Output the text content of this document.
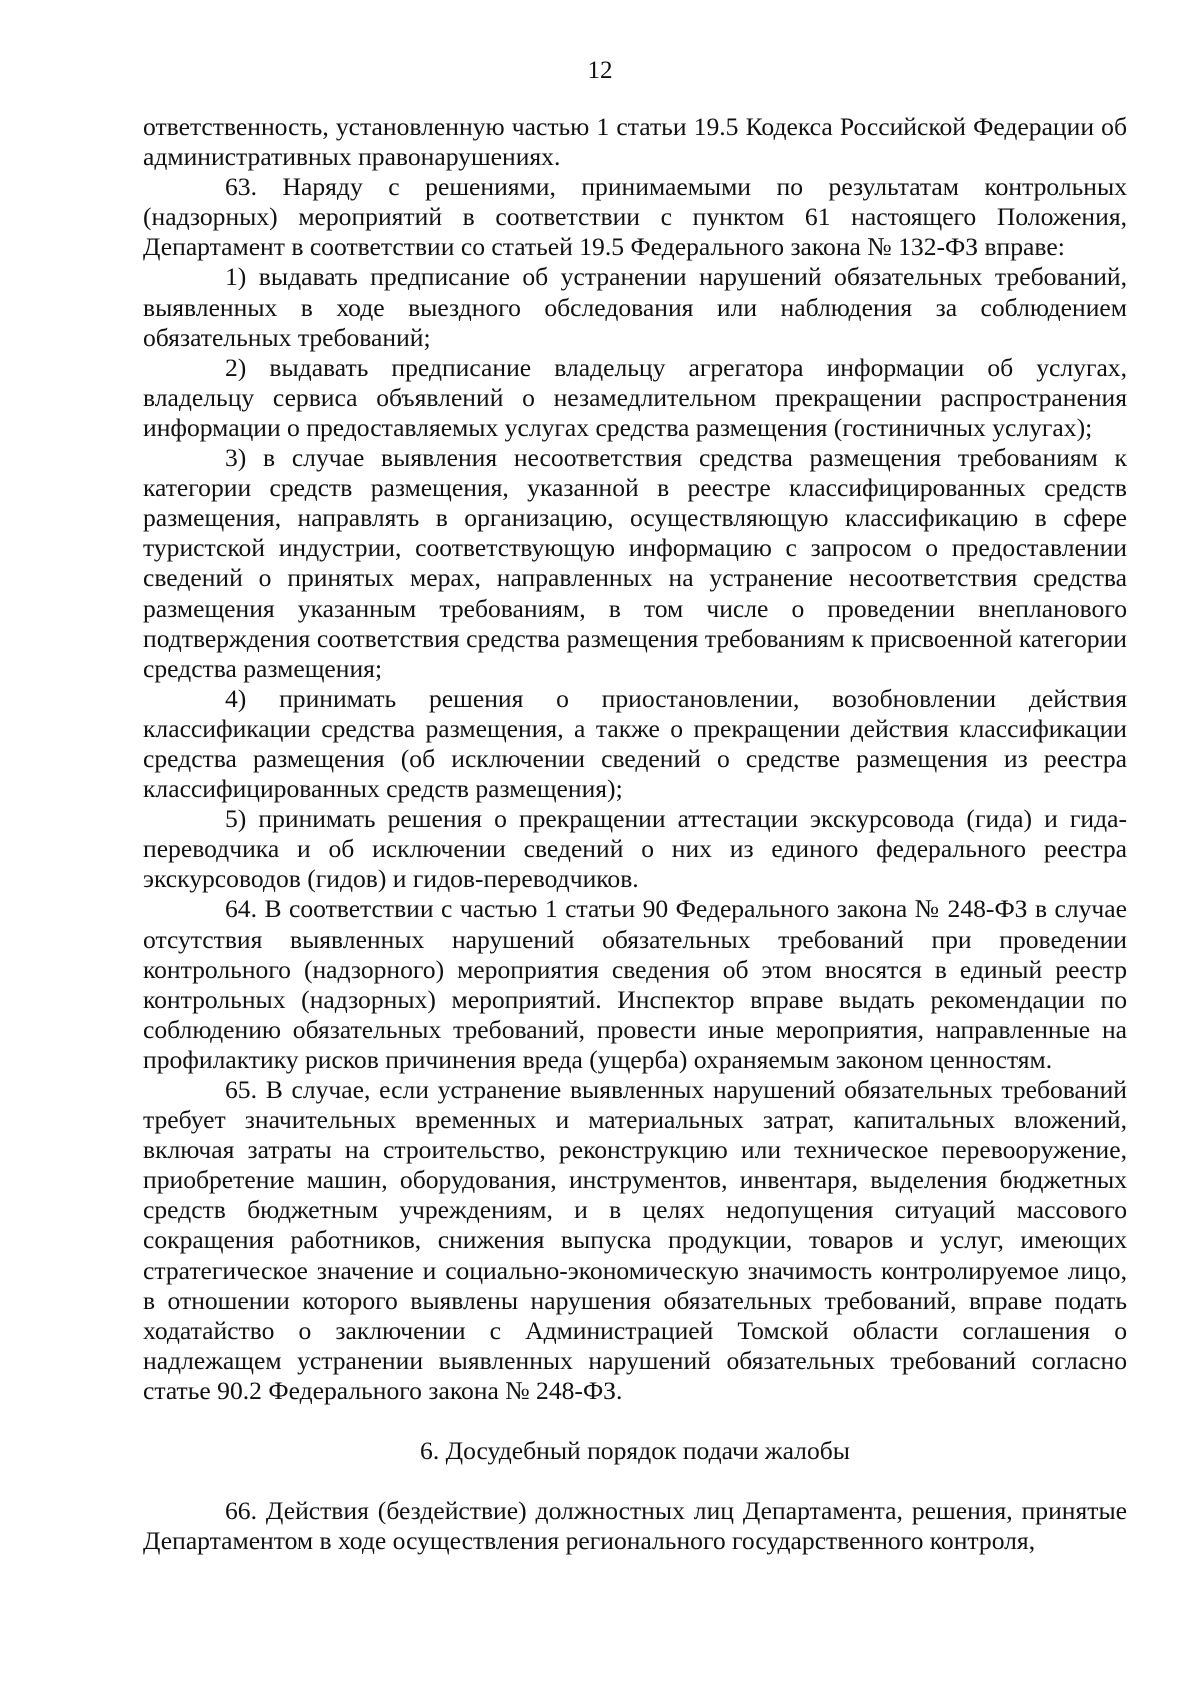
12

ответственность, установленную частью 1 статьи 19.5 Кодекса Российской Федерации об административных правонарушениях.

63. Наряду с решениями, принимаемыми по результатам контрольных (надзорных) мероприятий в соответствии с пунктом 61 настоящего Положения, Департамент в соответствии со статьей 19.5 Федерального закона № 132-ФЗ вправе:

1) выдавать предписание об устранении нарушений обязательных требований, выявленных в ходе выездного обследования или наблюдения за соблюдением обязательных требований;

2) выдавать предписание владельцу агрегатора информации об услугах, владельцу сервиса объявлений о незамедлительном прекращении распространения информации о предоставляемых услугах средства размещения (гостиничных услугах);

3) в случае выявления несоответствия средства размещения требованиям к категории средств размещения, указанной в реестре классифицированных средств размещения, направлять в организацию, осуществляющую классификацию в сфере туристской индустрии, соответствующую информацию с запросом о предоставлении сведений о принятых мерах, направленных на устранение несоответствия средства размещения указанным требованиям, в том числе о проведении внепланового подтверждения соответствия средства размещения требованиям к присвоенной категории средства размещения;

4) принимать решения о приостановлении, возобновлении действия классификации средства размещения, а также о прекращении действия классификации средства размещения (об исключении сведений о средстве размещения из реестра классифицированных средств размещения);

5) принимать решения о прекращении аттестации экскурсовода (гида) и гида-переводчика и об исключении сведений о них из единого федерального реестра экскурсоводов (гидов) и гидов-переводчиков.

64. В соответствии с частью 1 статьи 90 Федерального закона № 248-ФЗ в случае отсутствия выявленных нарушений обязательных требований при проведении контрольного (надзорного) мероприятия сведения об этом вносятся в единый реестр контрольных (надзорных) мероприятий. Инспектор вправе выдать рекомендации по соблюдению обязательных требований, провести иные мероприятия, направленные на профилактику рисков причинения вреда (ущерба) охраняемым законом ценностям.

65. В случае, если устранение выявленных нарушений обязательных требований требует значительных временных и материальных затрат, капитальных вложений, включая затраты на строительство, реконструкцию или техническое перевооружение, приобретение машин, оборудования, инструментов, инвентаря, выделения бюджетных средств бюджетным учреждениям, и в целях недопущения ситуаций массового сокращения работников, снижения выпуска продукции, товаров и услуг, имеющих стратегическое значение и социально-экономическую значимость контролируемое лицо, в отношении которого выявлены нарушения обязательных требований, вправе подать ходатайство о заключении с Администрацией Томской области соглашения о надлежащем устранении выявленных нарушений обязательных требований согласно статье 90.2 Федерального закона № 248-ФЗ.

6. Досудебный порядок подачи жалобы

66. Действия (бездействие) должностных лиц Департамента, решения, принятые Департаментом в ходе осуществления регионального государственного контроля,
